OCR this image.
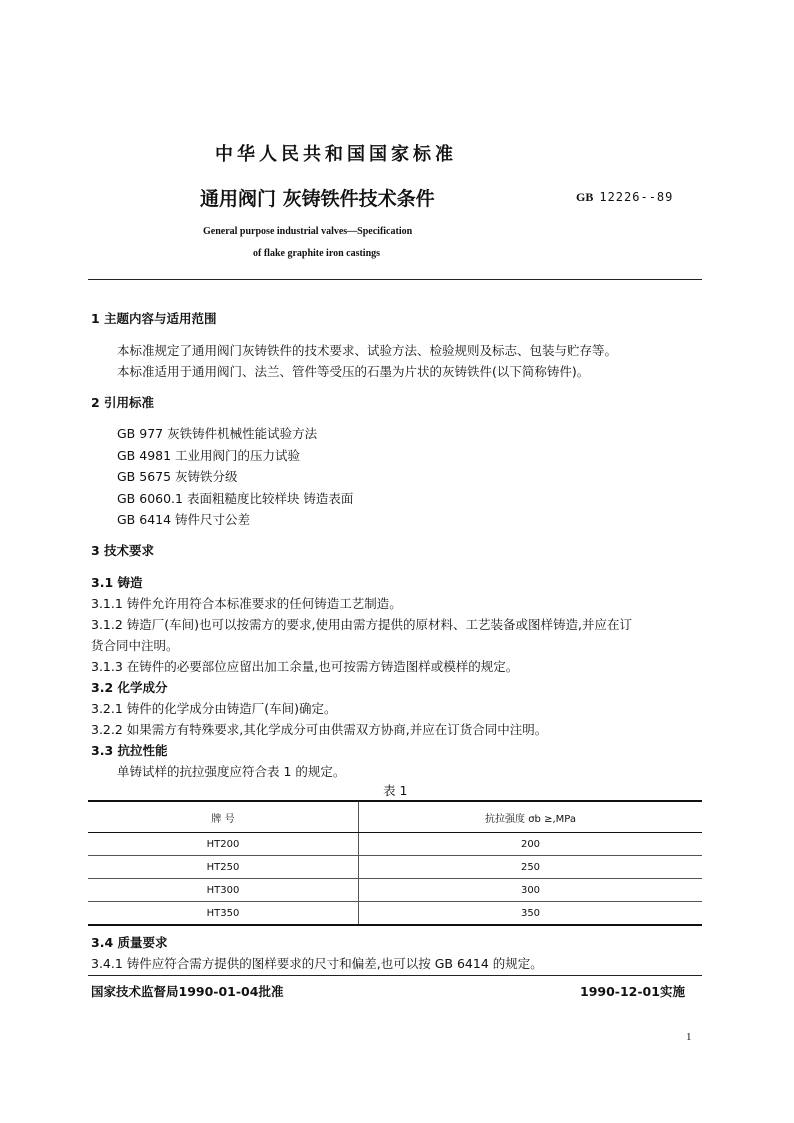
中华人民共和国国家标准
通用阀门 灰铸铁件技术条件	GB 12226--89
General purpose industrial valves—Specification
of flake graphite iron castings
1 主题内容与适用范围
本标准规定了通用阀门灰铸铁件的技术要求、试验方法、检验规则及标志、包装与贮存等。
本标准适用于通用阀门、法兰、管件等受压的石墨为片状的灰铸铁件(以下简称铸件)。
2 引用标准
GB 977 灰铁铸件机械性能试验方法
GB 4981 工业用阀门的压力试验
GB 5675 灰铸铁分级
GB 6060.1 表面粗糙度比较样块 铸造表面
GB 6414 铸件尺寸公差
3 技术要求
3.1 铸造
3.1.1 铸件允许用符合本标准要求的任何铸造工艺制造。
3.1.2 铸造厂(车间)也可以按需方的要求,使用由需方提供的原材料、工艺装备或图样铸造,并应在订
货合同中注明。
3.1.3 在铸件的必要部位应留出加工余量,也可按需方铸造图样或模样的规定。
3.2 化学成分
3.2.1 铸件的化学成分由铸造厂(车间)确定。
3.2.2 如果需方有特殊要求,其化学成分可由供需双方协商,并应在订货合同中注明。
3.3 抗拉性能
单铸试样的抗拉强度应符合表 1 的规定。
表 1
牌 号	抗拉强度 σb ≥,MPa
HT200	200
HT250	250
HT300	300
HT350	350
3.4 质量要求
3.4.1 铸件应符合需方提供的图样要求的尺寸和偏差,也可以按 GB 6414 的规定。
国家技术监督局1990-01-04批准	1990-12-01实施
1
